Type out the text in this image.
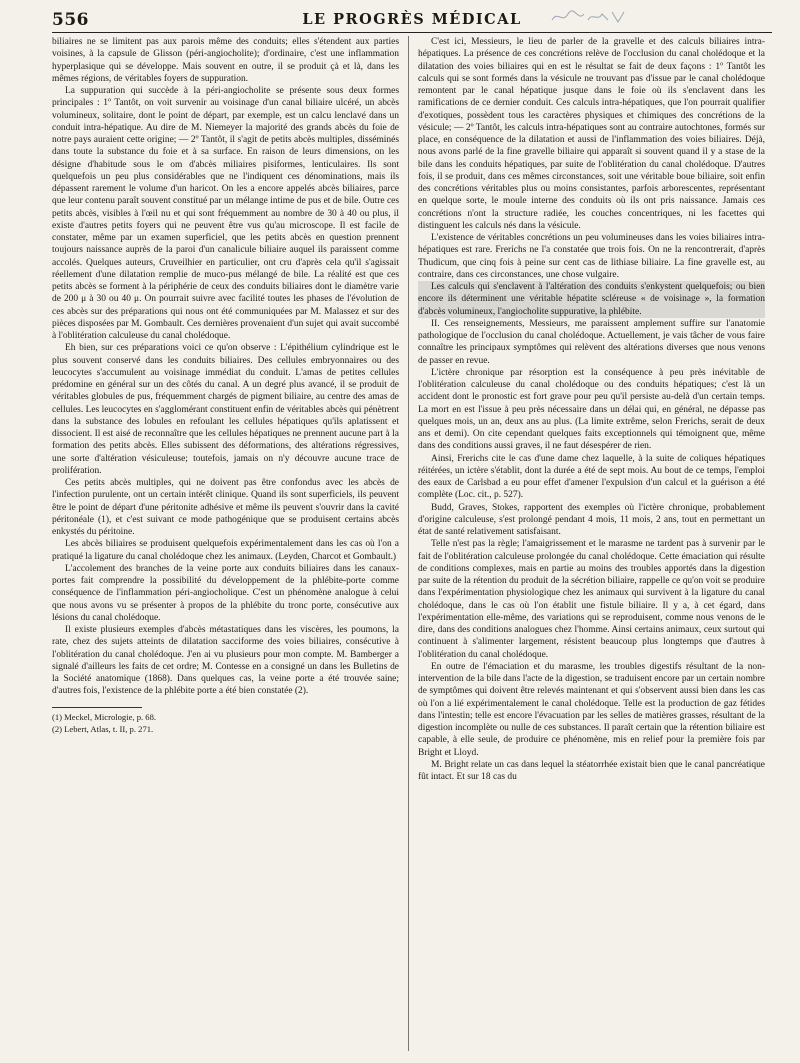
556	LE PROGRÈS MÉDICAL

biliaires ne se limitent pas aux parois même des conduits; elles s'étendent aux parties voisines, à la capsule de Glisson (péri-angiocholite); d'ordinaire, c'est une inflammation hyperplasique qui se développe. Mais souvent en outre, il se produit çà et là, dans les mêmes régions, de véritables foyers de suppuration.

La suppuration qui succède à la péri-angiocholite se présente sous deux formes principales : 1º Tantôt, on voit survenir au voisinage d'un canal biliaire ulcéré, un abcès volumineux, solitaire, dont le point de départ, par exemple, est un calcu lenclavé dans un conduit intra-hépatique. Au dire de M. Niemeyer la majorité des grands abcès du foie de notre pays auraient cette origine; — 2º Tantôt, il s'agit de petits abcès multiples, disséminés dans toute la substance du foie et à sa surface. En raison de leurs dimensions, on les désigne d'habitude sous le om d'abcès miliaires pisiformes, lenticulaires. Ils sont quelquefois un peu plus considérables que ne l'indiquent ces dénominations, mais ils dépassent rarement le volume d'un haricot. On les a encore appelés abcès biliaires, parce que leur contenu paraît souvent constitué par un mélange intime de pus et de bile. Outre ces petits abcès, visibles à l'œil nu et qui sont fréquemment au nombre de 30 à 40 ou plus, il existe d'autres petits foyers qui ne peuvent être vus qu'au microscope. Il est facile de constater, même par un examen superficiel, que les petits abcès en question prennent toujours naissance auprès de la paroi d'un canalicule biliaire auquel ils paraissent comme accolés. Quelques auteurs, Cruveilhier en particulier, ont cru d'après cela qu'il s'agissait réellement d'une dilatation remplie de muco-pus mélangé de bile. La réalité est que ces petits abcès se forment à la périphérie de ceux des conduits biliaires dont le diamètre varie de 200 μ à 30 ou 40 μ. On pourrait suivre avec facilité toutes les phases de l'évolution de ces abcès sur des préparations qui nous ont été communiquées par M. Malassez et sur des pièces disposées par M. Gombault. Ces dernières provenaient d'un sujet qui avait succombé à l'oblitération calculeuse du canal cholédoque.

Eh bien, sur ces préparations voici ce qu'on observe : L'épithélium cylindrique est le plus souvent conservé dans les conduits biliaires. Des cellules embryonnaires ou des leucocytes s'accumulent au voisinage immédiat du conduit. L'amas de petites cellules prédomine en général sur un des côtés du canal. A un degré plus avancé, il se produit de véritables globules de pus, fréquemment chargés de pigment biliaire, au centre des amas de cellules. Les leucocytes en s'agglomérant constituent enfin de véritables abcès qui pénètrent dans la substance des lobules en refoulant les cellules hépatiques qu'ils aplatissent et dissocient. Il est aisé de reconnaître que les cellules hépatiques ne prennent aucune part à la formation des petits abcès. Elles subissent des déformations, des altérations régressives, une sorte d'altération vésiculeuse; toutefois, jamais on n'y découvre aucune trace de prolifération.

Ces petits abcès multiples, qui ne doivent pas être confondus avec les abcès de l'infection purulente, ont un certain intérêt clinique. Quand ils sont superficiels, ils peuvent être le point de départ d'une péritonite adhésive et même ils peuvent s'ouvrir dans la cavité péritonéale (1), et c'est suivant ce mode pathogénique que se produisent certains abcès enkystés du péritoine.

Les abcès biliaires se produisent quelquefois expérimentalement dans les cas où l'on a pratiqué la ligature du canal cholédoque chez les animaux. (Leyden, Charcot et Gombault.)

L'accolement des branches de la veine porte aux conduits biliaires dans les canaux-portes fait comprendre la possibilité du développement de la phlébite-porte comme conséquence de l'inflammation péri-angiocholique. C'est un phénomène analogue à celui que nous avons vu se présenter à propos de la phlébite du tronc porte, consécutive aux lésions du canal cholédoque.

Il existe plusieurs exemples d'abcès métastatiques dans les viscères, les poumons, la rate, chez des sujets atteints de dilatation sacciforme des voies biliaires, consécutive à l'oblitération du canal cholédoque. J'en ai vu plusieurs pour mon compte. M. Bamberger a signalé d'ailleurs les faits de cet ordre; M. Contesse en a consigné un dans les Bulletins de la Société anatomique (1868). Dans quelques cas, la veine porte a été trouvée saine; d'autres fois, l'existence de la phlébite porte a été bien constatée (2).

(1) Meckel, Micrologie, p. 68.

(2) Lebert, Atlas, t. II, p. 271.

C'est ici, Messieurs, le lieu de parler de la gravelle et des calculs biliaires intra-hépatiques. La présence de ces concrétions relève de l'occlusion du canal cholédoque et la dilatation des voies biliaires qui en est le résultat se fait de deux façons : 1º Tantôt les calculs qui se sont formés dans la vésicule ne trouvant pas d'issue par le canal cholédoque remontent par le canal hépatique jusque dans le foie où ils s'enclavent dans les ramifications de ce dernier conduit. Ces calculs intra-hépatiques, que l'on pourrait qualifier d'exotiques, possèdent tous les caractères physiques et chimiques des concrétions de la vésicule; — 2º Tantôt, les calculs intra-hépatiques sont au contraire autochtones, formés sur place, en conséquence de la dilatation et aussi de l'inflammation des voies biliaires. Déjà, nous avons parlé de la fine gravelle biliaire qui apparaît si souvent quand il y a stase de la bile dans les conduits hépatiques, par suite de l'oblitération du canal cholédoque. D'autres fois, il se produit, dans ces mêmes circonstances, soit une véritable boue biliaire, soit enfin des concrétions véritables plus ou moins consistantes, parfois arborescentes, représentant en quelque sorte, le moule interne des conduits où ils ont pris naissance. Jamais ces concrétions n'ont la structure radiée, les couches concentriques, ni les facettes qui distinguent les calculs nés dans la vésicule.

L'existence de véritables concrétions un peu volumineuses dans les voies biliaires intra-hépatiques est rare. Frerichs ne l'a constatée que trois fois. On ne la rencontrerait, d'après Thudicum, que cinq fois à peine sur cent cas de lithiase biliaire. La fine gravelle est, au contraire, dans ces circonstances, une chose vulgaire.

Les calculs qui s'enclavent à l'altération des conduits s'enkystent quelquefois; ou bien encore ils déterminent une véritable hépatite scléreuse « de voisinage », la formation d'abcès volumineux, l'angiocholite suppurative, la phlébite.

II. Ces renseignements, Messieurs, me paraissent amplement suffire sur l'anatomie pathologique de l'occlusion du canal cholédoque. Actuellement, je vais tâcher de vous faire connaître les principaux symptômes qui relèvent des altérations diverses que nous venons de passer en revue.

L'ictère chronique par résorption est la conséquence à peu près inévitable de l'oblitération calculeuse du canal cholédoque ou des conduits hépatiques; c'est là un accident dont le pronostic est fort grave pour peu qu'il persiste au-delà d'un certain temps. La mort en est l'issue à peu près nécessaire dans un délai qui, en général, ne dépasse pas quelques mois, un an, deux ans au plus. (La limite extrême, selon Frerichs, serait de deux ans et demi). On cite cependant quelques faits exceptionnels qui témoignent que, même dans des conditions aussi graves, il ne faut désespérer de rien.

Ainsi, Frerichs cite le cas d'une dame chez laquelle, à la suite de coliques hépatiques réitérées, un ictère s'établit, dont la durée a été de sept mois. Au bout de ce temps, l'emploi des eaux de Carlsbad a eu pour effet d'amener l'expulsion d'un calcul et la guérison a été complète (Loc. cit., p. 527).

Budd, Graves, Stokes, rapportent des exemples où l'ictère chronique, probablement d'origine calculeuse, s'est prolongé pendant 4 mois, 11 mois, 2 ans, tout en permettant un état de santé relativement satisfaisant.

Telle n'est pas la règle; l'amaigrissement et le marasme ne tardent pas à survenir par le fait de l'oblitération calculeuse prolongée du canal cholédoque. Cette émaciation qui résulte de conditions complexes, mais en partie au moins des troubles apportés dans la digestion par suite de la rétention du produit de la sécrétion biliaire, rappelle ce qu'on voit se produire dans l'expérimentation physiologique chez les animaux qui survivent à la ligature du canal cholédoque, dans le cas où l'on établit une fistule biliaire. Il y a, à cet égard, dans l'expérimentation elle-même, des variations qui se reproduisent, comme nous venons de le dire, dans des conditions analogues chez l'homme. Ainsi certains animaux, ceux surtout qui continuent à s'alimenter largement, résistent beaucoup plus longtemps que d'autres à l'oblitération du canal cholédoque.

En outre de l'émaciation et du marasme, les troubles digestifs résultant de la non-intervention de la bile dans l'acte de la digestion, se traduisent encore par un certain nombre de symptômes qui doivent être relevés maintenant et qui s'observent aussi bien dans les cas où l'on a lié expérimentalement le canal cholédoque. Telle est la production de gaz fétides dans l'intestin; telle est encore l'évacuation par les selles de matières grasses, résultant de la digestion incomplète ou nulle de ces substances. Il paraît certain que la rétention biliaire est capable, à elle seule, de produire ce phénomène, mis en relief pour la première fois par Bright et Lloyd.

M. Bright relate un cas dans lequel la stéatorrhée existait bien que le canal pancréatique fût intact. Et sur 18 cas du
